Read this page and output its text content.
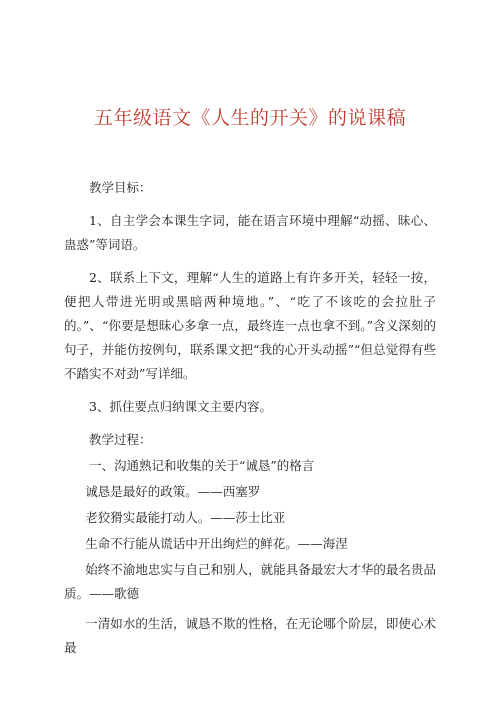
五年级语文《人生的开关》的说课稿

教学目标：

1、自主学会本课生字词，能在语言环境中理解“动摇、昧心、蛊惑”等词语。

2、联系上下文，理解“人生的道路上有许多开关，轻轻一按，便把人带进光明或黑暗两种境地。”、“吃了不该吃的会拉肚子的。”、“你要是想昧心多拿一点，最终连一点也拿不到。”含义深刻的句子，并能仿按例句，联系课文把“我的心开头动摇”“但总觉得有些不踏实不对劲”写详细。

3、抓住要点归纳课文主要内容。

教学过程：

一、沟通熟记和收集的关于“诚恳”的格言

诚恳是最好的政策。——西塞罗

老狡猾实最能打动人。——莎士比亚

生命不行能从谎话中开出绚烂的鲜花。——海涅

始终不渝地忠实与自己和别人，就能具备最宏大才华的最名贵品质。——歌德

一清如水的生活，诚恳不欺的性格，在无论哪个阶层，即使心术最
